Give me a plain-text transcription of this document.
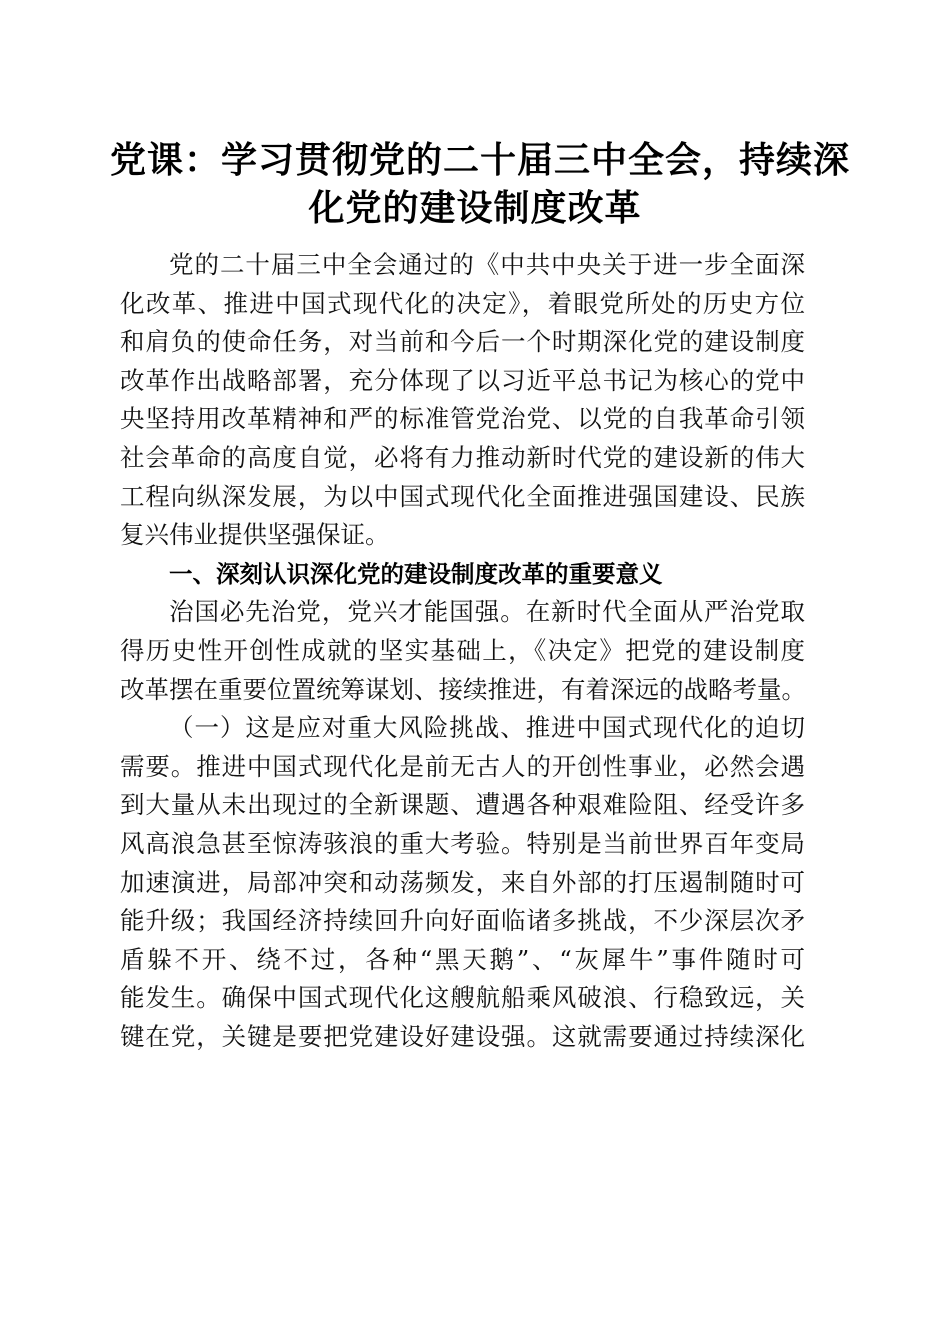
党课：学习贯彻党的二十届三中全会，持续深
化党的建设制度改革
党的二十届三中全会通过的《中共中央关于进一步全面深
化改革、推进中国式现代化的决定》，着眼党所处的历史方位
和肩负的使命任务，对当前和今后一个时期深化党的建设制度
改革作出战略部署，充分体现了以习近平总书记为核心的党中
央坚持用改革精神和严的标准管党治党、以党的自我革命引领
社会革命的高度自觉，必将有力推动新时代党的建设新的伟大
工程向纵深发展，为以中国式现代化全面推进强国建设、民族
复兴伟业提供坚强保证。
一、深刻认识深化党的建设制度改革的重要意义
治国必先治党，党兴才能国强。在新时代全面从严治党取
得历史性开创性成就的坚实基础上，《决定》把党的建设制度
改革摆在重要位置统筹谋划、接续推进，有着深远的战略考量。
（一）这是应对重大风险挑战、推进中国式现代化的迫切
需要。推进中国式现代化是前无古人的开创性事业，必然会遇
到大量从未出现过的全新课题、遭遇各种艰难险阻、经受许多
风高浪急甚至惊涛骇浪的重大考验。特别是当前世界百年变局
加速演进，局部冲突和动荡频发，来自外部的打压遏制随时可
能升级；我国经济持续回升向好面临诸多挑战，不少深层次矛
盾躲不开、绕不过，各种“黑天鹅”、“灰犀牛”事件随时可
能发生。确保中国式现代化这艘航船乘风破浪、行稳致远，关
键在党，关键是要把党建设好建设强。这就需要通过持续深化
